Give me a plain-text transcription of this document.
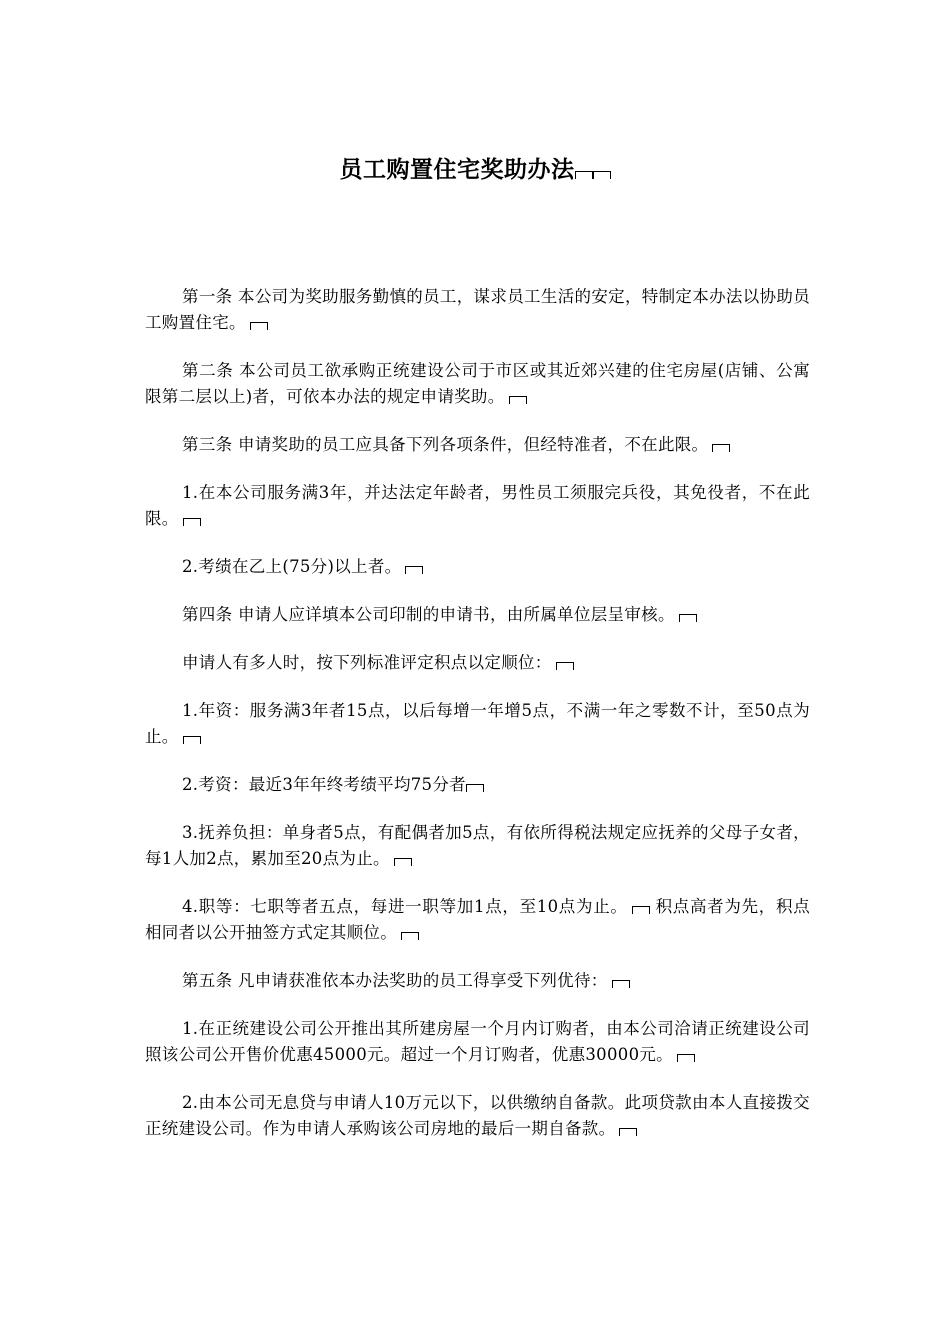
员工购置住宅奖助办法

第一条 本公司为奖助服务勤慎的员工，谋求员工生活的安定，特制定本办法以协助员工购置住宅。

第二条 本公司员工欲承购正统建设公司于市区或其近郊兴建的住宅房屋(店铺、公寓限第二层以上)者，可依本办法的规定申请奖助。

第三条 申请奖助的员工应具备下列各项条件，但经特准者，不在此限。

1.在本公司服务满3年，并达法定年龄者，男性员工须服完兵役，其免役者，不在此限。

2.考绩在乙上(75分)以上者。

第四条 申请人应详填本公司印制的申请书，由所属单位层呈审核。

申请人有多人时，按下列标准评定积点以定顺位：

1.年资：服务满3年者15点，以后每增一年增5点，不满一年之零数不计，至50点为止。

2.考资：最近3年年终考绩平均75分者

3.抚养负担：单身者5点，有配偶者加5点，有依所得税法规定应抚养的父母子女者，每1人加2点，累加至20点为止。

4.职等：七职等者五点，每进一职等加1点，至10点为止。 积点高者为先，积点相同者以公开抽签方式定其顺位。

第五条 凡申请获准依本办法奖助的员工得享受下列优待：

1.在正统建设公司公开推出其所建房屋一个月内订购者，由本公司洽请正统建设公司照该公司公开售价优惠45000元。超过一个月订购者，优惠30000元。

2.由本公司无息贷与申请人10万元以下，以供缴纳自备款。此项贷款由本人直接拨交正统建设公司。作为申请人承购该公司房地的最后一期自备款。
